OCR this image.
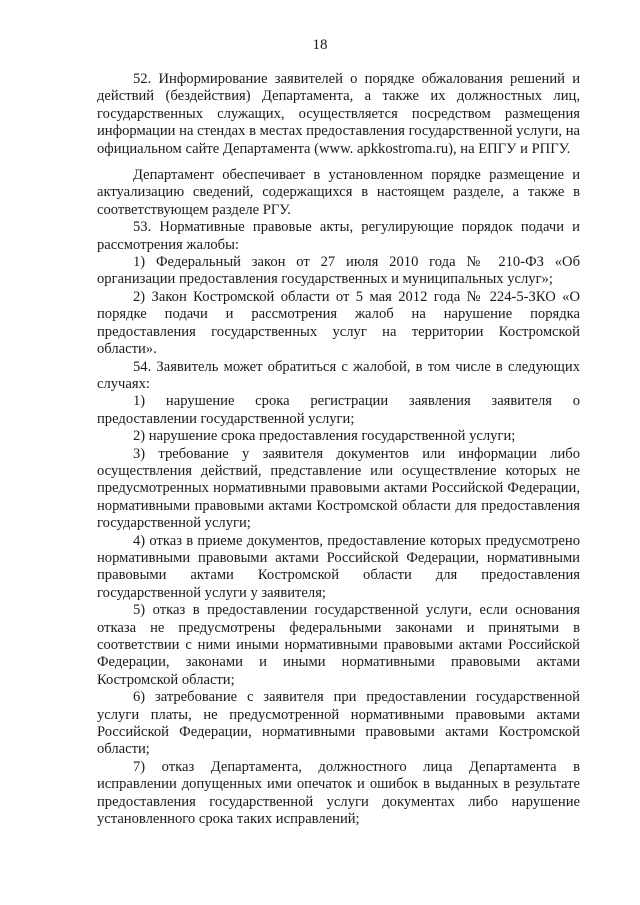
18

52. Информирование заявителей о порядке обжалования решений и действий (бездействия) Департамента, а также их должностных лиц, государственных служащих, осуществляется посредством размещения информации на стендах в местах предоставления государственной услуги, на официальном сайте Департамента (www. apkkostroma.ru), на ЕПГУ и РПГУ.

Департамент обеспечивает в установленном порядке размещение и актуализацию сведений, содержащихся в настоящем разделе, а также в соответствующем разделе РГУ.

53. Нормативные правовые акты, регулирующие порядок подачи и рассмотрения жалобы:

1) Федеральный закон от 27 июля 2010 года № 210-ФЗ «Об организации предоставления государственных и муниципальных услуг»;

2) Закон Костромской области от 5 мая 2012 года № 224-5-ЗКО «О порядке подачи и рассмотрения жалоб на нарушение порядка предоставления государственных услуг на территории Костромской области».

54. Заявитель может обратиться с жалобой, в том числе в следующих случаях:

1) нарушение срока регистрации заявления заявителя о предоставлении государственной услуги;

2) нарушение срока предоставления государственной услуги;

3) требование у заявителя документов или информации либо осуществления действий, представление или осуществление которых не предусмотренных нормативными правовыми актами Российской Федерации, нормативными правовыми актами Костромской области для предоставления государственной услуги;

4) отказ в приеме документов, предоставление которых предусмотрено нормативными правовыми актами Российской Федерации, нормативными правовыми актами Костромской области для предоставления государственной услуги у заявителя;

5) отказ в предоставлении государственной услуги, если основания отказа не предусмотрены федеральными законами и принятыми в соответствии с ними иными нормативными правовыми актами Российской Федерации, законами и иными нормативными правовыми актами Костромской области;

6) затребование с заявителя при предоставлении государственной услуги платы, не предусмотренной нормативными правовыми актами Российской Федерации, нормативными правовыми актами Костромской области;

7) отказ Департамента, должностного лица Департамента в исправлении допущенных ими опечаток и ошибок в выданных в результате предоставления государственной услуги документах либо нарушение установленного срока таких исправлений;
